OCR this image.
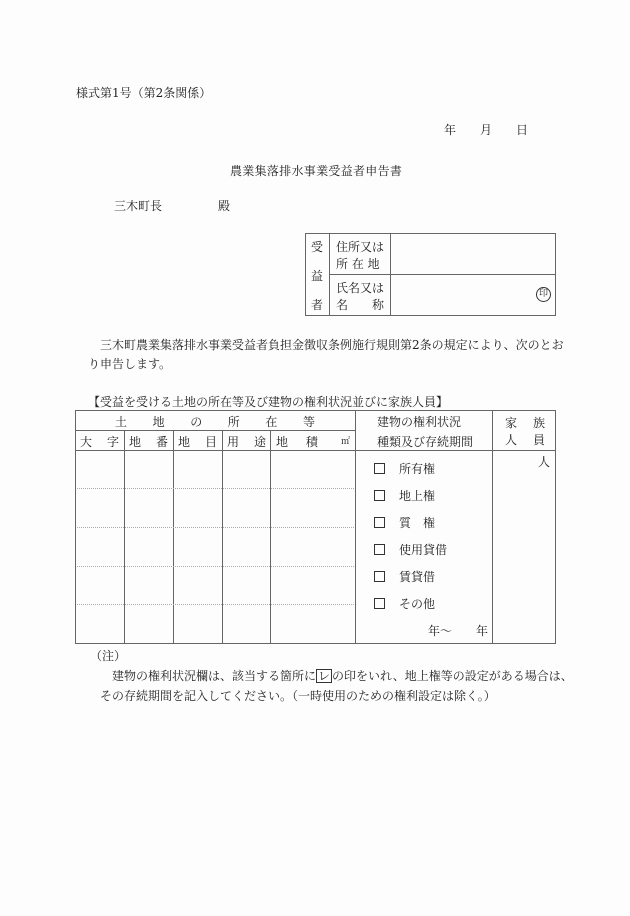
様式第1号（第2条関係）
年 月 日
農業集落排水事業受益者申告書
三木町長	殿
受
益
者
住所又は
所 在 地
氏名又は
名　　称
印
三木町農業集落排水事業受益者負担金徴収条例施行規則第2条の規定により、次のとお
り申告します。
【受益を受ける土地の所在等及び建物の権利状況並びに家族人員】
土 地 の 所 在 等
大 字 地 番 地 目 用 途 地 積	㎡
建物の権利状況
種類及び存続期間
家 族
人 員
人
所有権
地上権
質　権
使用貸借
賃貸借
その他
年〜 年
（注）
建物の権利状況欄は、該当する箇所に レ の印をいれ、地上権等の設定がある場合は、
その存続期間を記入してください。（一時使用のための権利設定は除く。）
